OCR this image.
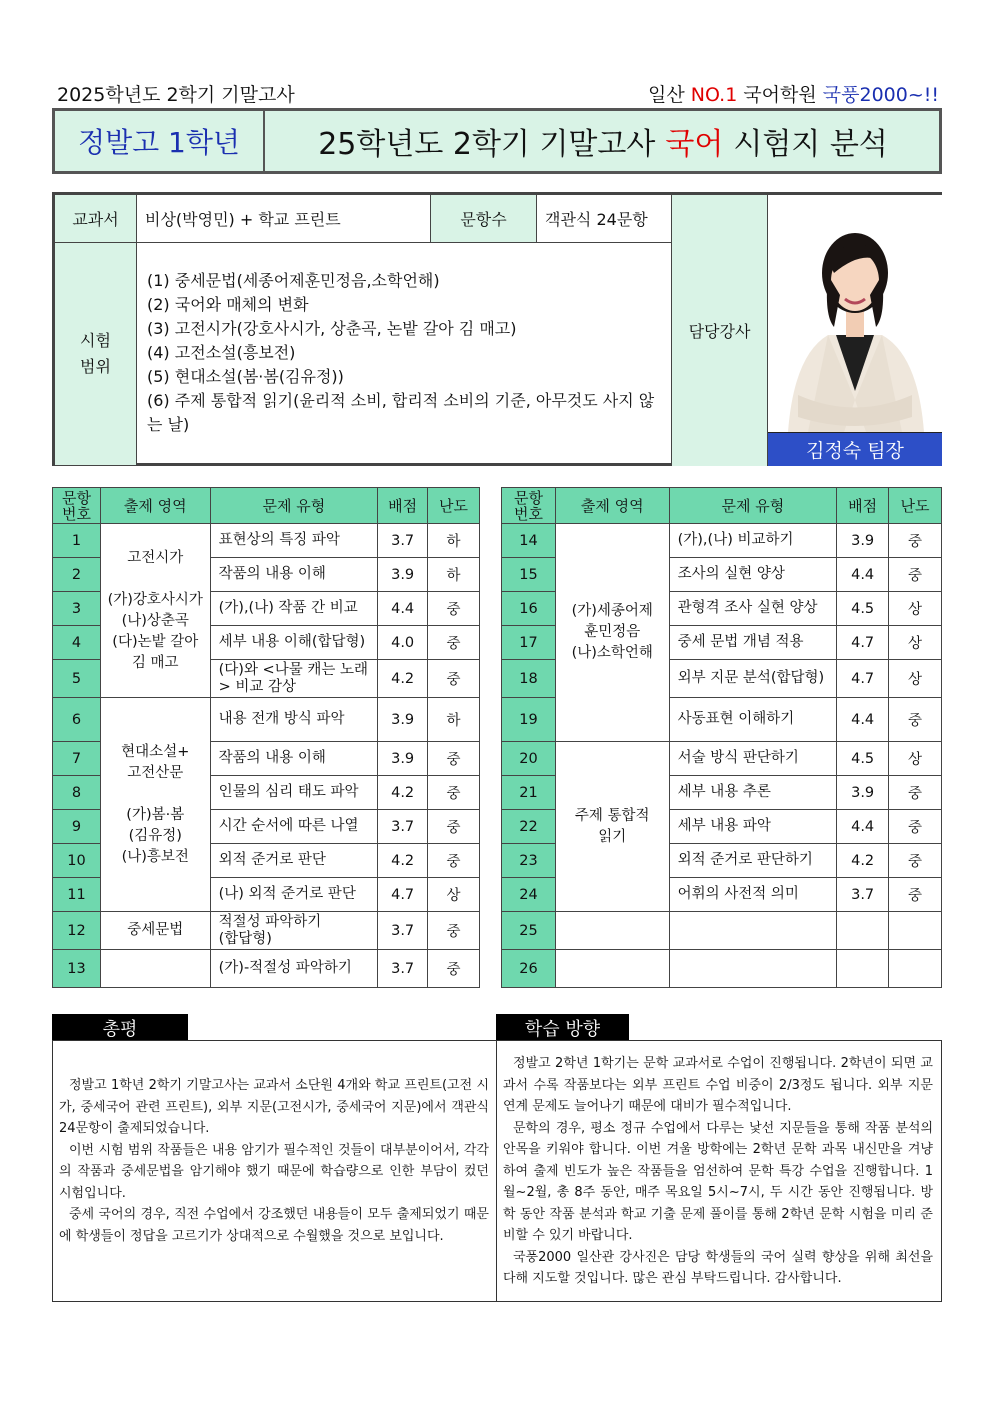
2025학년도 2학기 기말고사	일산 NO.1 국어학원 국풍2000~!!
정발고 1학년	25학년도 2학기 기말고사 국어 시험지 분석
교과서	비상(박영민) + 학교 프린트	문항수	객관식 24문항
시험
범위
(1) 중세문법(세종어제훈민정음,소학언해)
(2) 국어와 매체의 변화
(3) 고전시가(강호사시가, 상춘곡, 논밭 갈아 김 매고)
(4) 고전소설(흥보전)
(5) 현대소설(봄·봄(김유정))
(6) 주제 통합적 읽기(윤리적 소비, 합리적 소비의 기준, 아무것도 사지 않는 날)
담당강사
김정숙 팀장
문항
번호	출제 영역	문제 유형	배점	난도
1	고전시가

(가)강호사시가
(나)상춘곡
(다)논밭 갈아
김 매고	표현상의 특징 파악	3.7	하
2		작품의 내용 이해	3.9	하
3		(가),(나) 작품 간 비교	4.4	중
4		세부 내용 이해(합답형)	4.0	중
5		(다)와 <나물 캐는 노래> 비교 감상	4.2	중
6	현대소설+
고전산문

(가)봄·봄
(김유정)
(나)흥보전	내용 전개 방식 파악	3.9	하
7		작품의 내용 이해	3.9	중
8		인물의 심리 태도 파악	4.2	중
9		시간 순서에 따른 나열	3.7	중
10		외적 준거로 판단	4.2	중
11		(나) 외적 준거로 판단	4.7	상
12	중세문법	적절성 파악하기
(합답형)	3.7	중
13		(가)-적절성 파악하기	3.7	중
문항
번호	출제 영역	문제 유형	배점	난도
14	(가)세종어제
훈민정음
(나)소학언해	(가),(나) 비교하기	3.9	중
15		조사의 실현 양상	4.4	중
16		관형격 조사 실현 양상	4.5	상
17		중세 문법 개념 적용	4.7	상
18		외부 지문 분석(합답형)	4.7	상
19		사동표현 이해하기	4.4	중
20	주제 통합적
읽기	서술 방식 판단하기	4.5	상
21		세부 내용 추론	3.9	중
22		세부 내용 파악	4.4	중
23		외적 준거로 판단하기	4.2	중
24		어휘의 사전적 의미	3.7	중
25				
26				
총평	학습 방향

정발고 1학년 2학기 기말고사는 교과서 소단원 4개와 학교 프린트(고전 시가, 중세국어 관련 프린트), 외부 지문(고전시가, 중세국어 지문)에서 객관식 24문항이 출제되었습니다.

이번 시험 범위 작품들은 내용 암기가 필수적인 것들이 대부분이어서, 각각의 작품과 중세문법을 암기해야 했기 때문에 학습량으로 인한 부담이 컸던 시험입니다.

중세 국어의 경우, 직전 수업에서 강조했던 내용들이 모두 출제되었기 때문에 학생들이 정답을 고르기가 상대적으로 수월했을 것으로 보입니다.

정발고 2학년 1학기는 문학 교과서로 수업이 진행됩니다. 2학년이 되면 교과서 수록 작품보다는 외부 프린트 수업 비중이 2/3정도 됩니다. 외부 지문 연계 문제도 늘어나기 때문에 대비가 필수적입니다.

문학의 경우, 평소 정규 수업에서 다루는 낯선 지문들을 통해 작품 분석의 안목을 키워야 합니다. 이번 겨울 방학에는 2학년 문학 과목 내신만을 겨냥하여 출제 빈도가 높은 작품들을 엄선하여 문학 특강 수업을 진행합니다. 1월~2월, 총 8주 동안, 매주 목요일 5시~7시, 두 시간 동안 진행됩니다. 방학 동안 작품 분석과 학교 기출 문제 풀이를 통해 2학년 문학 시험을 미리 준비할 수 있기 바랍니다.

국풍2000 일산관 강사진은 담당 학생들의 국어 실력 향상을 위해 최선을 다해 지도할 것입니다. 많은 관심 부탁드립니다. 감사합니다.
